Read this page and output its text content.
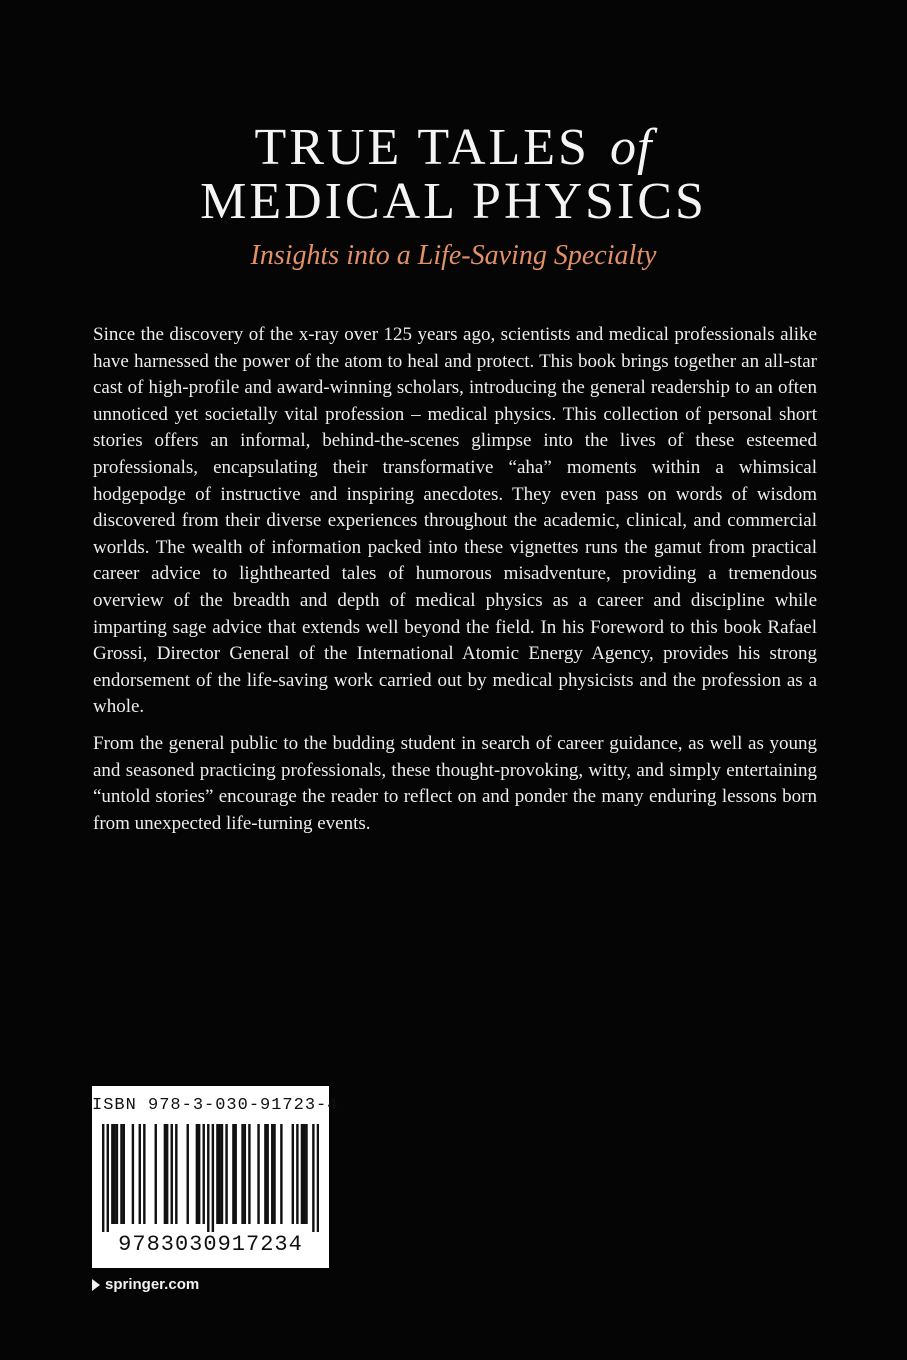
TRUE TALES of
MEDICAL PHYSICS
Insights into a Life-Saving Specialty

Since the discovery of the x-ray over 125 years ago, scientists and medical professionals alike have harnessed the power of the atom to heal and protect. This book brings together an all-star cast of high-profile and award-winning scholars, introducing the general readership to an often unnoticed yet societally vital profession – medical physics. This collection of personal short stories offers an informal, behind-the-scenes glimpse into the lives of these esteemed professionals, encapsulating their transformative “aha” moments within a whimsical hodgepodge of instructive and inspiring anecdotes. They even pass on words of wisdom discovered from their diverse experiences throughout the academic, clinical, and commercial worlds. The wealth of information packed into these vignettes runs the gamut from practical career advice to lighthearted tales of humorous misadventure, providing a tremendous overview of the breadth and depth of medical physics as a career and discipline while imparting sage advice that extends well beyond the field. In his Foreword to this book Rafael Grossi, Director General of the International Atomic Energy Agency, provides his strong endorsement of the life-saving work carried out by medical physicists and the profession as a whole.

From the general public to the budding student in search of career guidance, as well as young and seasoned practicing professionals, these thought-provoking, witty, and simply entertaining “untold stories” encourage the reader to reflect on and ponder the many enduring lessons born from unexpected life-turning events.

ISBN 978-3-030-91723-4
9783030917234
springer.com
